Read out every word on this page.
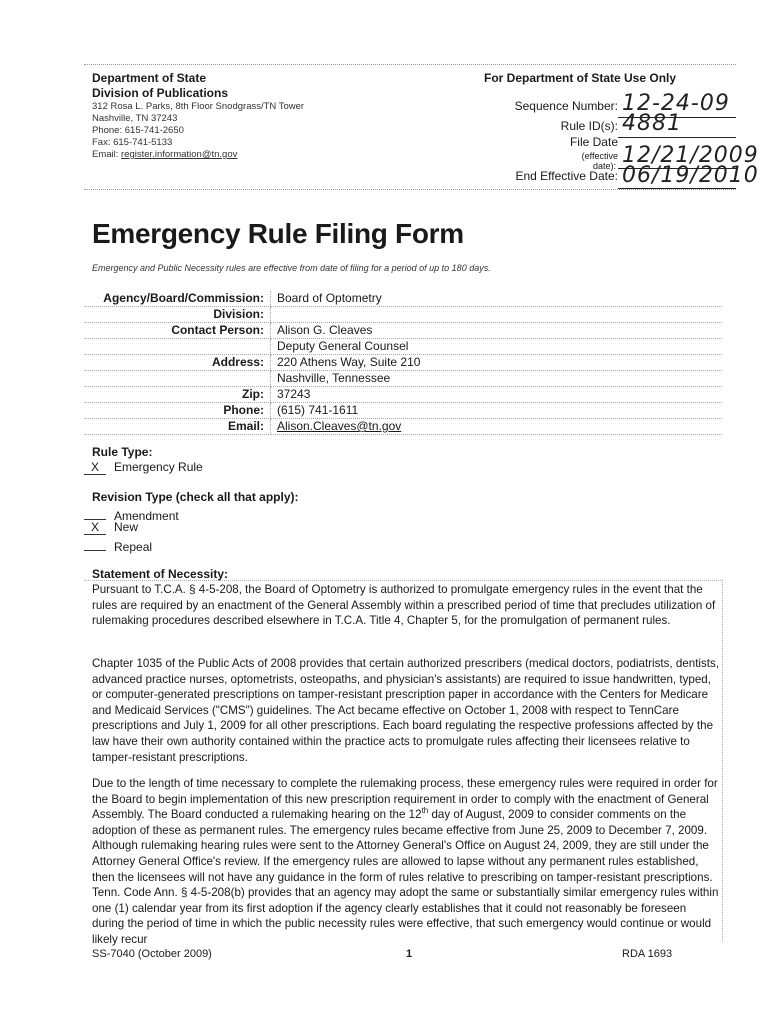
Department of State
Division of Publications
312 Rosa L. Parks, 8th Floor Snodgrass/TN Tower
Nashville, TN 37243
Phone: 615-741-2650
Fax: 615-741-5133
Email: register.information@tn.gov
For Department of State Use Only
Sequence Number: 12-24-09
Rule ID(s): 4881
File Date
(effective
date): 12/21/2009
End Effective Date: 06/19/2010
Emergency Rule Filing Form
Emergency and Public Necessity rules are effective from date of filing for a period of up to 180 days.
Agency/Board/Commission:	Board of Optometry
Division:	
Contact Person:	Alison G. Cleaves
	Deputy General Counsel
Address:	220 Athens Way, Suite 210
	Nashville, Tennessee
Zip:	37243
Phone:	(615) 741-1611
Email:	Alison.Cleaves@tn.gov
Rule Type:
X Emergency Rule
Revision Type (check all that apply):
Amendment
X New
Repeal
Statement of Necessity:
Pursuant to T.C.A. § 4-5-208, the Board of Optometry is authorized to promulgate emergency rules in the event that the rules are required by an enactment of the General Assembly within a prescribed period of time that precludes utilization of rulemaking procedures described elsewhere in T.C.A. Title 4, Chapter 5, for the promulgation of permanent rules.
Chapter 1035 of the Public Acts of 2008 provides that certain authorized prescribers (medical doctors, podiatrists, dentists, advanced practice nurses, optometrists, osteopaths, and physician's assistants) are required to issue handwritten, typed, or computer-generated prescriptions on tamper-resistant prescription paper in accordance with the Centers for Medicare and Medicaid Services ("CMS") guidelines. The Act became effective on October 1, 2008 with respect to TennCare prescriptions and July 1, 2009 for all other prescriptions. Each board regulating the respective professions affected by the law have their own authority contained within the practice acts to promulgate rules affecting their licensees relative to tamper-resistant prescriptions.
Due to the length of time necessary to complete the rulemaking process, these emergency rules were required in order for the Board to begin implementation of this new prescription requirement in order to comply with the enactment of General Assembly. The Board conducted a rulemaking hearing on the 12th day of August, 2009 to consider comments on the adoption of these as permanent rules. The emergency rules became effective from June 25, 2009 to December 7, 2009. Although rulemaking hearing rules were sent to the Attorney General's Office on August 24, 2009, they are still under the Attorney General Office's review. If the emergency rules are allowed to lapse without any permanent rules established, then the licensees will not have any guidance in the form of rules relative to prescribing on tamper-resistant prescriptions. Tenn. Code Ann. § 4-5-208(b) provides that an agency may adopt the same or substantially similar emergency rules within one (1) calendar year from its first adoption if the agency clearly establishes that it could not reasonably be foreseen during the period of time in which the public necessity rules were effective, that such emergency would continue or would likely recur
SS-7040 (October 2009)	1	RDA 1693
